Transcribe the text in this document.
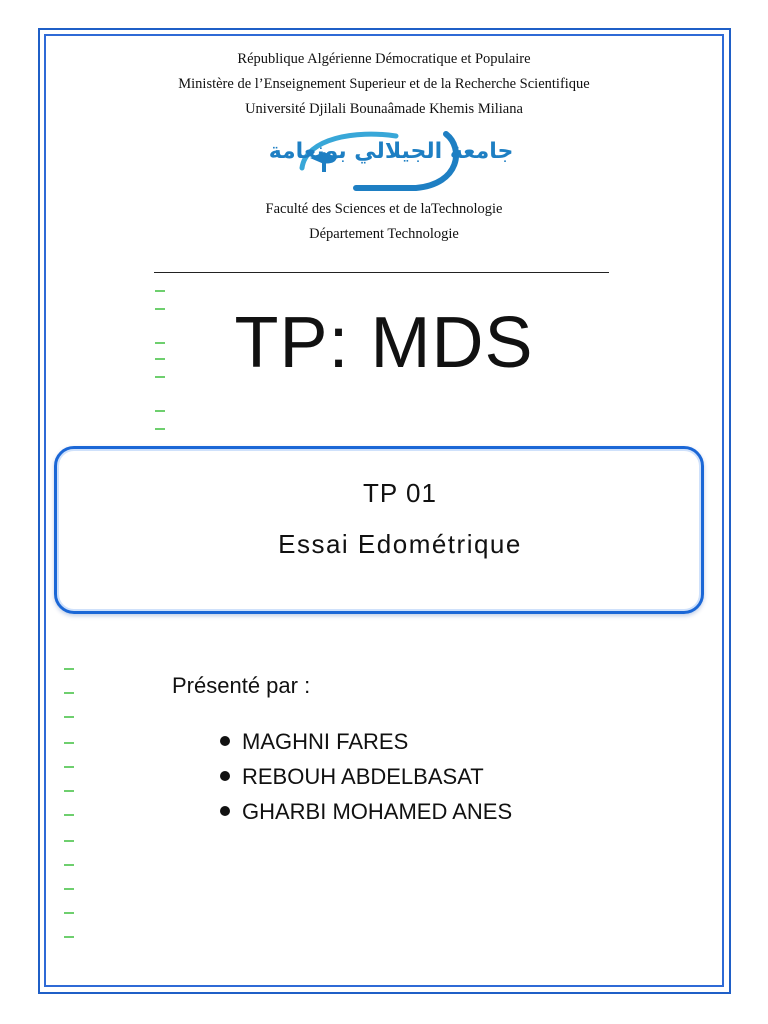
République Algérienne Démocratique et Populaire
Ministère de l’Enseignement Superieur et de la Recherche Scientifique
Université Djilali Bounaâmade Khemis Miliana
جامعة الجيلالي بونعامة
Faculté des Sciences et de laTechnologie
Département Technologie
TP: MDS
TP 01
Essai Edométrique
Présenté par :
MAGHNI FARES
REBOUH ABDELBASAT
GHARBI MOHAMED ANES
